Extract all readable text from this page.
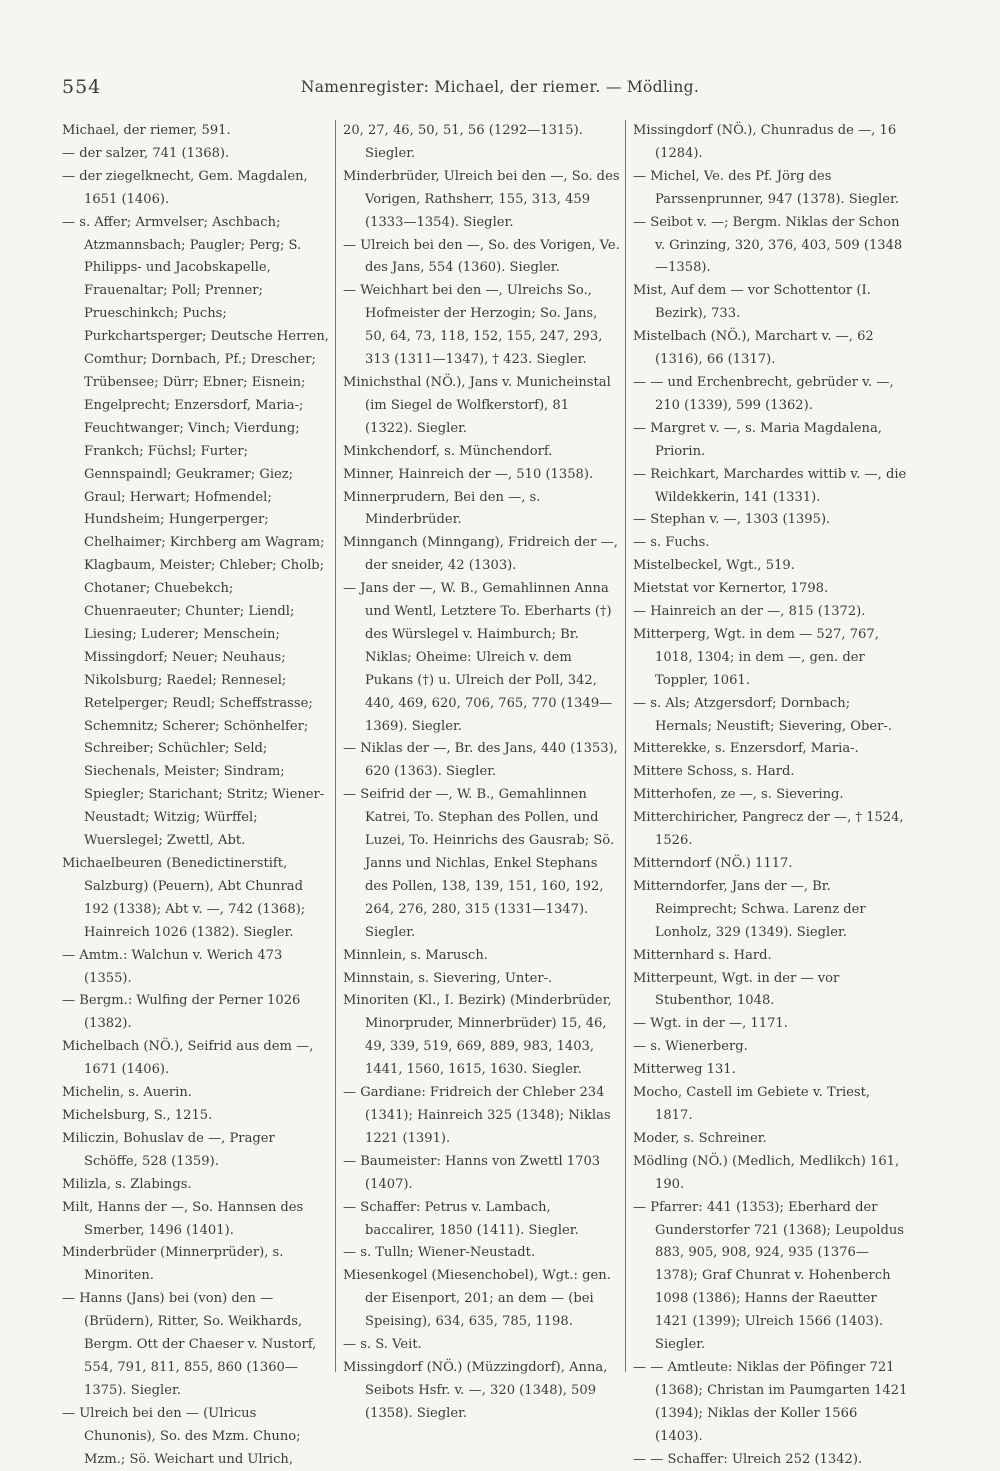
554	Namenregister: Michael, der riemer. — Mödling.

Michael, der riemer, 591.

— der salzer, 741 (1368).

— der ziegelknecht, Gem. Magdalen, 1651 (1406).

— s. Affer; Armvelser; Aschbach; Atzmannsbach; Paugler; Perg; S. Philipps- und Jacobskapelle, Frauenaltar; Poll; Prenner; Prueschinkch; Puchs; Purkchartsperger; Deutsche Herren, Comthur; Dornbach, Pf.; Drescher; Trübensee; Dürr; Ebner; Eisnein; Engelprecht; Enzersdorf, Maria-; Feuchtwanger; Vinch; Vierdung; Frankch; Füchsl; Furter; Gennspaindl; Geukramer; Giez; Graul; Herwart; Hofmendel; Hundsheim; Hungerperger; Chelhaimer; Kirchberg am Wagram; Klagbaum, Meister; Chleber; Cholb; Chotaner; Chuebekch; Chuenraeuter; Chunter; Liendl; Liesing; Luderer; Menschein; Missingdorf; Neuer; Neuhaus; Nikolsburg; Raedel; Rennesel; Retelperger; Reudl; Scheffstrasse; Schemnitz; Scherer; Schönhelfer; Schreiber; Schüchler; Seld; Siechenals, Meister; Sindram; Spiegler; Starichant; Stritz; Wiener-Neustadt; Witzig; Würffel; Wuerslegel; Zwettl, Abt.

Michaelbeuren (Benedictinerstift, Salzburg) (Peuern), Abt Chunrad 192 (1338); Abt v. —, 742 (1368); Hainreich 1026 (1382). Siegler.

— Amtm.: Walchun v. Werich 473 (1355).

— Bergm.: Wulfing der Perner 1026 (1382).

Michelbach (NÖ.), Seifrid aus dem —, 1671 (1406).

Michelin, s. Auerin.

Michelsburg, S., 1215.

Miliczin, Bohuslav de —, Prager Schöffe, 528 (1359).

Milizla, s. Zlabings.

Milt, Hanns der —, So. Hannsen des Smerber, 1496 (1401).

Minderbrüder (Minnerprüder), s. Minoriten.

— Hanns (Jans) bei (von) den — (Brüdern), Ritter, So. Weikhards, Bergm. Ott der Chaeser v. Nustorf, 554, 791, 811, 855, 860 (1360—1375). Siegler.

— Ulreich bei den — (Ulricus Chunonis), So. des Mzm. Chuno; Mzm.; Sö. Weichart und Ulrich,

20, 27, 46, 50, 51, 56 (1292—1315). Siegler.

Minderbrüder, Ulreich bei den —, So. des Vorigen, Rathsherr, 155, 313, 459 (1333—1354). Siegler.

— Ulreich bei den —, So. des Vorigen, Ve. des Jans, 554 (1360). Siegler.

— Weichhart bei den —, Ulreichs So., Hofmeister der Herzogin; So. Jans, 50, 64, 73, 118, 152, 155, 247, 293, 313 (1311—1347), † 423. Siegler.

Minichsthal (NÖ.), Jans v. Municheinstal (im Siegel de Wolfkerstorf), 81 (1322). Siegler.

Minkchendorf, s. Münchendorf.

Minner, Hainreich der —, 510 (1358).

Minnerprudern, Bei den —, s. Minderbrüder.

Minnganch (Minngang), Fridreich der —, der sneider, 42 (1303).

— Jans der —, W. B., Gemahlinnen Anna und Wentl, Letztere To. Eberharts (†) des Würslegel v. Haimburch; Br. Niklas; Oheime: Ulreich v. dem Pukans (†) u. Ulreich der Poll, 342, 440, 469, 620, 706, 765, 770 (1349—1369). Siegler.

— Niklas der —, Br. des Jans, 440 (1353), 620 (1363). Siegler.

— Seifrid der —, W. B., Gemahlinnen Katrei, To. Stephan des Pollen, und Luzei, To. Heinrichs des Gausrab; Sö. Janns und Nichlas, Enkel Stephans des Pollen, 138, 139, 151, 160, 192, 264, 276, 280, 315 (1331—1347). Siegler.

Minnlein, s. Marusch.

Minnstain, s. Sievering, Unter-.

Minoriten (Kl., I. Bezirk) (Minderbrüder, Minorpruder, Minnerbrüder) 15, 46, 49, 339, 519, 669, 889, 983, 1403, 1441, 1560, 1615, 1630. Siegler.

— Gardiane: Fridreich der Chleber 234 (1341); Hainreich 325 (1348); Niklas 1221 (1391).

— Baumeister: Hanns von Zwettl 1703 (1407).

— Schaffer: Petrus v. Lambach, baccalirer, 1850 (1411). Siegler.

— s. Tulln; Wiener-Neustadt.

Miesenkogel (Miesenchobel), Wgt.: gen. der Eisenport, 201; an dem — (bei Speising), 634, 635, 785, 1198.

— s. S. Veit.

Missingdorf (NÖ.) (Müzzingdorf), Anna, Seibots Hsfr. v. —, 320 (1348), 509 (1358). Siegler.

Missingdorf (NÖ.), Chunradus de —, 16 (1284).

— Michel, Ve. des Pf. Jörg des Parssenprunner, 947 (1378). Siegler.

— Seibot v. —; Bergm. Niklas der Schon v. Grinzing, 320, 376, 403, 509 (1348—1358).

Mist, Auf dem — vor Schottentor (I. Bezirk), 733.

Mistelbach (NÖ.), Marchart v. —, 62 (1316), 66 (1317).

— — und Erchenbrecht, gebrüder v. —, 210 (1339), 599 (1362).

— Margret v. —, s. Maria Magdalena, Priorin.

— Reichkart, Marchardes wittib v. —, die Wildekkerin, 141 (1331).

— Stephan v. —, 1303 (1395).

— s. Fuchs.

Mistelbeckel, Wgt., 519.

Mietstat vor Kernertor, 1798.

— Hainreich an der —, 815 (1372).

Mitterperg, Wgt. in dem — 527, 767, 1018, 1304; in dem —, gen. der Toppler, 1061.

— s. Als; Atzgersdorf; Dornbach; Hernals; Neustift; Sievering, Ober-.

Mitterekke, s. Enzersdorf, Maria-.

Mittere Schoss, s. Hard.

Mitterhofen, ze —, s. Sievering.

Mitterchiricher, Pangrecz der —, † 1524, 1526.

Mitterndorf (NÖ.) 1117.

Mitterndorfer, Jans der —, Br. Reimprecht; Schwa. Larenz der Lonholz, 329 (1349). Siegler.

Mitternhard s. Hard.

Mitterpeunt, Wgt. in der — vor Stubenthor, 1048.

— Wgt. in der —, 1171.

— s. Wienerberg.

Mitterweg 131.

Mocho, Castell im Gebiete v. Triest, 1817.

Moder, s. Schreiner.

Mödling (NÖ.) (Medlich, Medlikch) 161, 190.

— Pfarrer: 441 (1353); Eberhard der Gunderstorfer 721 (1368); Leupoldus 883, 905, 908, 924, 935 (1376—1378); Graf Chunrat v. Hohenberch 1098 (1386); Hanns der Raeutter 1421 (1399); Ulreich 1566 (1403). Siegler.

— — Amtleute: Niklas der Pöfinger 721 (1368); Christan im Paumgarten 1421 (1394); Niklas der Koller 1566 (1403).

— — Schaffer: Ulreich 252 (1342).
